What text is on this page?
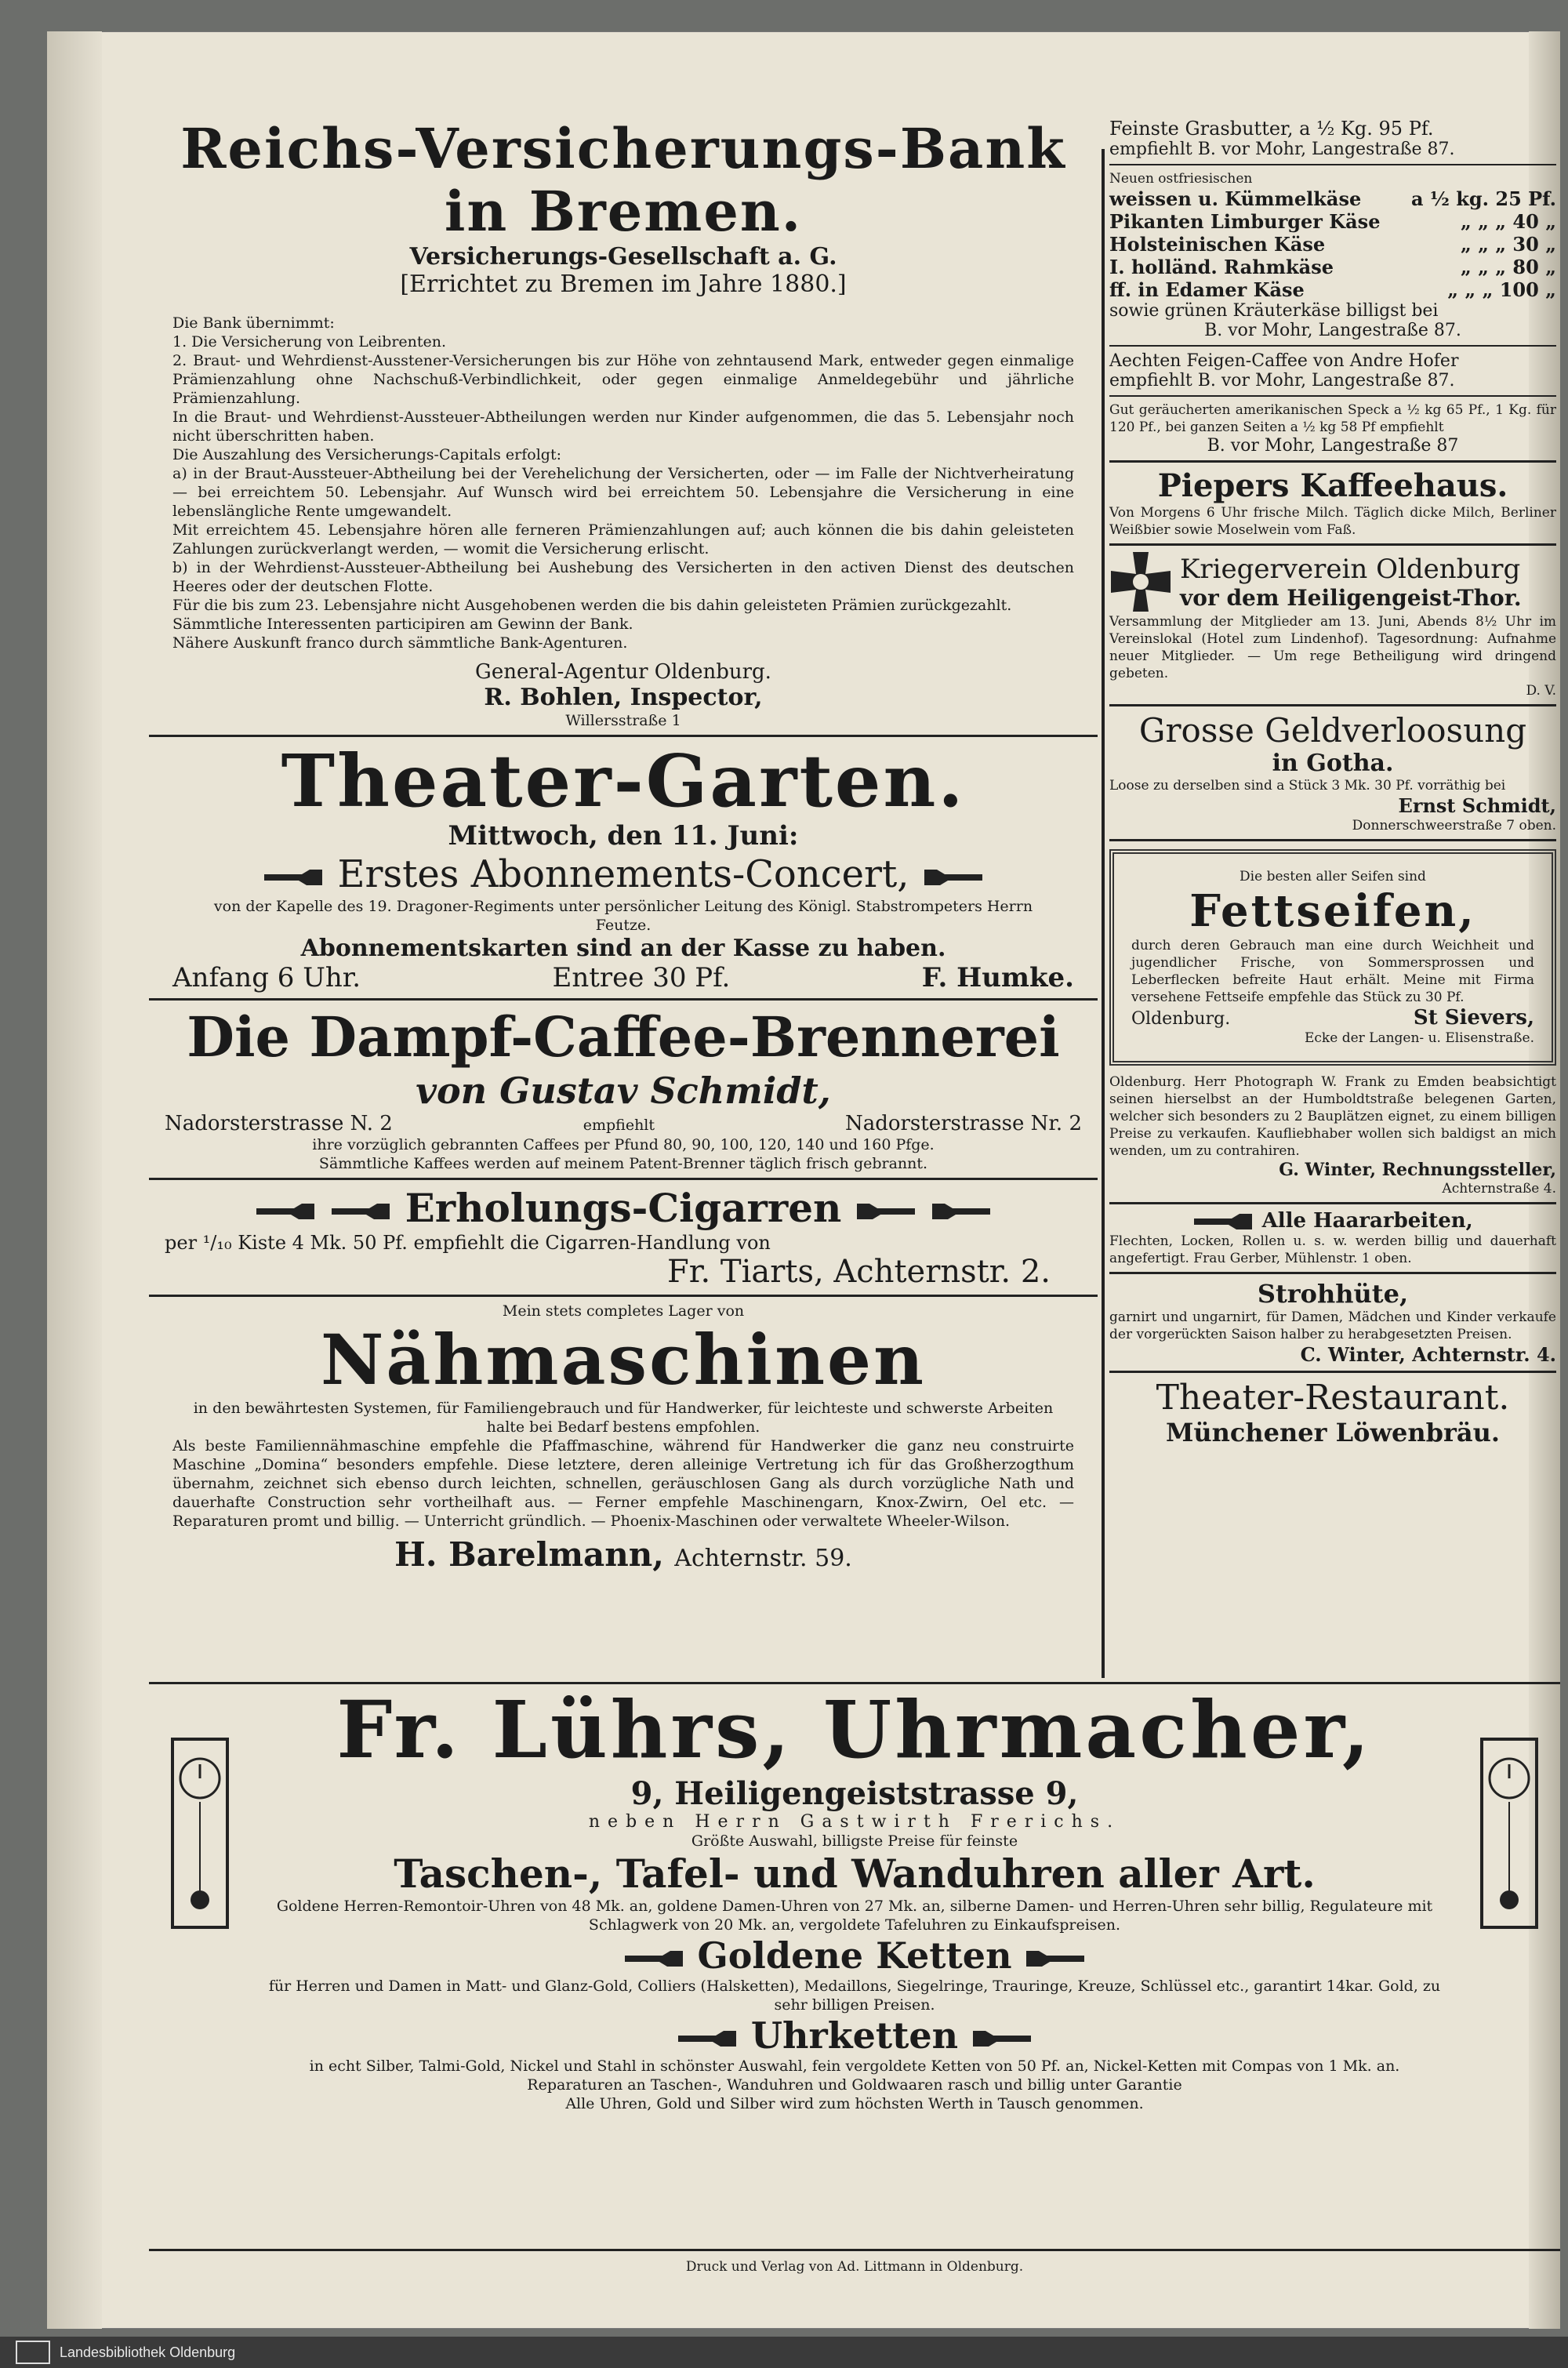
Reichs-Versicherungs-Bank in Bremen.
Versicherungs-Gesellschaft a. G.
[Errichtet zu Bremen im Jahre 1880.]

Die Bank übernimmt:

1. Die Versicherung von Leibrenten.

2. Braut- und Wehrdienst-Ausstener-Versicherungen bis zur Höhe von zehntausend Mark, entweder gegen einmalige Prämienzahlung ohne Nachschuß-Verbindlichkeit, oder gegen einmalige Anmeldegebühr und jährliche Prämienzahlung.

In die Braut- und Wehrdienst-Aussteuer-Abtheilungen werden nur Kinder aufgenommen, die das 5. Lebensjahr noch nicht überschritten haben.

Die Auszahlung des Versicherungs-Capitals erfolgt:

a) in der Braut-Aussteuer-Abtheilung bei der Verehelichung der Versicherten, oder — im Falle der Nichtverheiratung — bei erreichtem 50. Lebensjahr. Auf Wunsch wird bei erreichtem 50. Lebensjahre die Versicherung in eine lebenslängliche Rente umgewandelt.

Mit erreichtem 45. Lebensjahre hören alle ferneren Prämienzahlungen auf; auch können die bis dahin geleisteten Zahlungen zurückverlangt werden, — womit die Versicherung erlischt.

b) in der Wehrdienst-Aussteuer-Abtheilung bei Aushebung des Versicherten in den activen Dienst des deutschen Heeres oder der deutschen Flotte.

Für die bis zum 23. Lebensjahre nicht Ausgehobenen werden die bis dahin geleisteten Prämien zurückgezahlt.

Sämmtliche Interessenten participiren am Gewinn der Bank.

Nähere Auskunft franco durch sämmtliche Bank-Agenturen.

General-Agentur Oldenburg.
R. Bohlen, Inspector,
Willersstraße 1
Theater-Garten.
Mittwoch, den 11. Juni:
Erstes Abonnements-Concert,
von der Kapelle des 19. Dragoner-Regiments unter persönlicher Leitung des Königl. Stabstrompeters Herrn Feutze.
Abonnementskarten sind an der Kasse zu haben.
Anfang 6 Uhr.	Entree 30 Pf.	F. Humke.
Die Dampf-Caffee-Brennerei
von Gustav Schmidt,
Nadorsterstrasse N. 2	empfiehlt	Nadorsterstrasse Nr. 2
ihre vorzüglich gebrannten Caffees per Pfund 80, 90, 100, 120, 140 und 160 Pfge.
Sämmtliche Kaffees werden auf meinem Patent-Brenner täglich frisch gebrannt.
Erholungs-Cigarren
per ¹/₁₀ Kiste 4 Mk. 50 Pf. empfiehlt die Cigarren-Handlung von
Fr. Tiarts, Achternstr. 2.
Mein stets completes Lager von
Nähmaschinen
in den bewährtesten Systemen, für Familiengebrauch und für Handwerker, für leichteste und schwerste Arbeiten halte bei Bedarf bestens empfohlen.
Als beste Familiennähmaschine empfehle die Pfaffmaschine, während für Handwerker die ganz neu construirte Maschine „Domina“ besonders empfehle. Diese letztere, deren alleinige Vertretung ich für das Großherzogthum übernahm, zeichnet sich ebenso durch leichten, schnellen, geräuschlosen Gang als durch vorzügliche Nath und dauerhafte Construction sehr vortheilhaft aus. — Ferner empfehle Maschinengarn, Knox-Zwirn, Oel etc. — Reparaturen promt und billig. — Unterricht gründlich. — Phoenix-Maschinen oder verwaltete Wheeler-Wilson.
H. Barelmann, Achternstr. 59.
Feinste Grasbutter, a ½ Kg. 95 Pf.
empfiehlt B. vor Mohr, Langestraße 87.
Neuen ostfriesischen
weissen u. Kümmelkäse	a ½ kg. 25 Pf.
Pikanten Limburger Käse	„ „ „ 40 „
Holsteinischen Käse	„ „ „ 30 „
I. holländ. Rahmkäse	„ „ „ 80 „
ff. in Edamer Käse	„ „ „ 100 „
sowie grünen Kräuterkäse billigst bei
B. vor Mohr, Langestraße 87.
Aechten Feigen-Caffee von Andre Hofer
empfiehlt B. vor Mohr, Langestraße 87.
Gut geräucherten amerikanischen Speck a ½ kg 65 Pf., 1 Kg. für 120 Pf., bei ganzen Seiten a ½ kg 58 Pf empfiehlt
B. vor Mohr, Langestraße 87
Piepers Kaffeehaus.
Von Morgens 6 Uhr frische Milch. Täglich dicke Milch, Berliner Weißbier sowie Moselwein vom Faß.
Kriegerverein Oldenburg
vor dem Heiligengeist-Thor.
Versammlung der Mitglieder am 13. Juni, Abends 8½ Uhr im Vereinslokal (Hotel zum Lindenhof). Tagesordnung: Aufnahme neuer Mitglieder. — Um rege Betheiligung wird dringend gebeten.
D. V.
Grosse Geldverloosung
in Gotha.
Loose zu derselben sind a Stück 3 Mk. 30 Pf. vorräthig bei
Ernst Schmidt,
Donnerschweerstraße 7 oben.
Die besten aller Seifen sind
Fettseifen,
durch deren Gebrauch man eine durch Weichheit und jugendlicher Frische, von Sommersprossen und Leberflecken befreite Haut erhält. Meine mit Firma versehene Fettseife empfehle das Stück zu 30 Pf.
Oldenburg.	St Sievers,
Ecke der Langen- u. Elisenstraße.
Oldenburg. Herr Photograph W. Frank zu Emden beabsichtigt seinen hierselbst an der Humboldtstraße belegenen Garten, welcher sich besonders zu 2 Bauplätzen eignet, zu einem billigen Preise zu verkaufen. Kaufliebhaber wollen sich baldigst an mich wenden, um zu contrahiren.
G. Winter, Rechnungssteller,
Achternstraße 4.
Alle Haararbeiten,
Flechten, Locken, Rollen u. s. w. werden billig und dauerhaft angefertigt. Frau Gerber, Mühlenstr. 1 oben.
Strohhüte,
garnirt und ungarnirt, für Damen, Mädchen und Kinder verkaufe der vorgerückten Saison halber zu herabgesetzten Preisen.
C. Winter, Achternstr. 4.
Theater-Restaurant.
Münchener Löwenbräu.
Fr. Lührs, Uhrmacher,
9, Heiligengeiststrasse 9,
neben Herrn Gastwirth Frerichs.
Größte Auswahl, billigste Preise für feinste
Taschen-, Tafel- und Wanduhren aller Art.
Goldene Herren-Remontoir-Uhren von 48 Mk. an, goldene Damen-Uhren von 27 Mk. an, silberne Damen- und Herren-Uhren sehr billig, Regulateure mit Schlagwerk von 20 Mk. an, vergoldete Tafeluhren zu Einkaufspreisen.
Goldene Ketten
für Herren und Damen in Matt- und Glanz-Gold, Colliers (Halsketten), Medaillons, Siegelringe, Trauringe, Kreuze, Schlüssel etc., garantirt 14kar. Gold, zu sehr billigen Preisen.
Uhrketten
in echt Silber, Talmi-Gold, Nickel und Stahl in schönster Auswahl, fein vergoldete Ketten von 50 Pf. an, Nickel-Ketten mit Compas von 1 Mk. an.
Reparaturen an Taschen-, Wanduhren und Goldwaaren rasch und billig unter Garantie
Alle Uhren, Gold und Silber wird zum höchsten Werth in Tausch genommen.
Druck und Verlag von Ad. Littmann in Oldenburg.
Landesbibliothek Oldenburg
